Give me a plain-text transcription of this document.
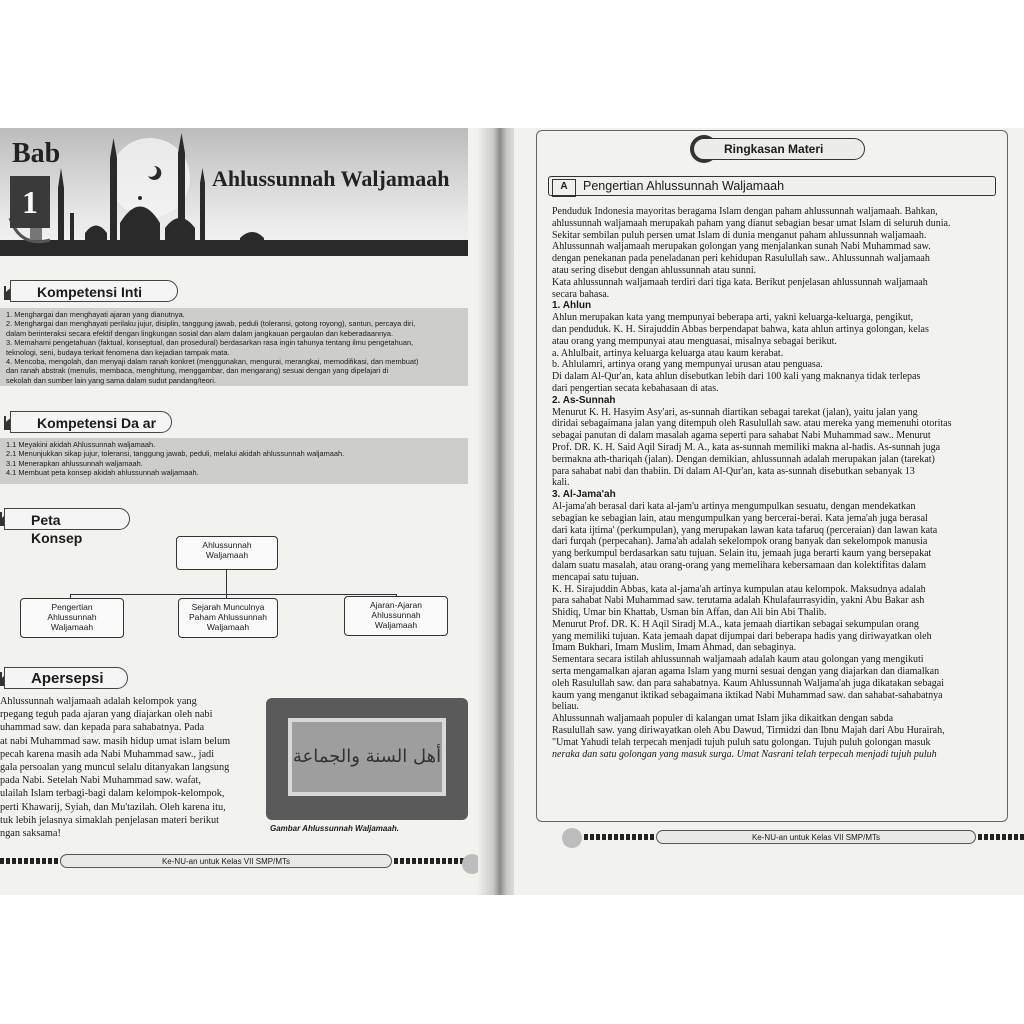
Bab
1
Ahlussunnah Waljamaah
Kompetensi Inti
1. Menghargai dan menghayati ajaran yang dianutnya.
2. Menghargai dan menghayati perilaku jujur, disiplin, tanggung jawab, peduli (toleransi, gotong royong), santun, percaya diri,
dalam berinteraksi secara efektif dengan lingkungan sosial dan alam dalam jangkauan pergaulan dan keberadaannya.
3. Memahami pengetahuan (faktual, konseptual, dan prosedural) berdasarkan rasa ingin tahunya tentang ilmu pengetahuan,
teknologi, seni, budaya terkait fenomena dan kejadian tampak mata.
4. Mencoba, mengolah, dan menyaji dalam ranah konkret (menggunakan, mengurai, merangkai, memodifikasi, dan membuat)
dan ranah abstrak (menulis, membaca, menghitung, menggambar, dan mengarang) sesuai dengan yang dipelajari di
sekolah dan sumber lain yang sama dalam sudut pandang/teori.
Kompetensi Da ar
1.1 Meyakini akidah Ahlussunnah waljamaah.
2.1 Menunjukkan sikap jujur, toleransi, tanggung jawab, peduli, melalui akidah ahlussunnah waljamaah.
3.1 Menerapkan ahlussunnah waljamaah.
4.1 Membuat peta konsep akidah ahlussunnah waljamaah.
Peta Konsep	Ahlussunnah
Waljamaah
Pengertian
Ahlussunnah
Waljamaah
Sejarah Munculnya
Paham Ahlussunnah
Waljamaah
Ajaran-Ajaran
Ahlussunnah
Waljamaah
Apersepsi
Ahlussunnah waljamaah adalah kelompok yang
rpegang teguh pada ajaran yang diajarkan oleh nabi
uhammad saw. dan kepada para sahabatnya. Pada
at nabi Muhammad saw. masih hidup umat islam belum
pecah karena masih ada Nabi Muhammad saw., jadi
gala persoalan yang muncul selalu ditanyakan langsung
pada Nabi. Setelah Nabi Muhammad saw. wafat,
ulailah Islam terbagi-bagi dalam kelompok-kelompok,
perti Khawarij, Syiah, dan Mu'tazilah. Oleh karena itu,
tuk lebih jelasnya simaklah penjelasan materi berikut
ngan saksama!
أهل السنة والجماعة
Gambar Ahlussunnah Waljamaah.
Ke-NU-an untuk Kelas VII SMP/MTs
Ringkasan Materi
Pengertian Ahlussunnah Waljamaah
A
Penduduk Indonesia mayoritas beragama Islam dengan paham ahlussunnah waljamaah. Bahkan,
ahlussunnah waljamaah merupakah paham yang dianut sebagian besar umat Islam di seluruh dunia.
Sekitar sembilan puluh persen umat Islam di dunia menganut paham ahlussunnah waljamaah.
Ahlussunnah waljamaah merupakan golongan yang menjalankan sunah Nabi Muhammad saw.
dengan penekanan pada peneladanan peri kehidupan Rasulullah saw.. Ahlussunnah waljamaah
atau sering disebut dengan ahlussunnah atau sunni.
Kata ahlussunnah waljamaah terdiri dari tiga kata. Berikut penjelasan ahlussunnah waljamaah
secara bahasa.
1. Ahlun
Ahlun merupakan kata yang mempunyai beberapa arti, yakni keluarga-keluarga, pengikut,
dan penduduk. K. H. Sirajuddin Abbas berpendapat bahwa, kata ahlun artinya golongan, kelas
atau orang yang mempunyai atau menguasai, misalnya sebagai berikut.
a. Ahlulbait, artinya keluarga keluarga atau kaum kerabat.
b. Ahlulamri, artinya orang yang mempunyai urusan atau penguasa.
Di dalam Al-Qur'an, kata ahlun disebutkan lebih dari 100 kali yang maknanya tidak terlepas
dari pengertian secata kebahasaan di atas.
2. As-Sunnah
Menurut K. H. Hasyim Asy'ari, as-sunnah diartikan sebagai tarekat (jalan), yaitu jalan yang
diridai sebagaimana jalan yang ditempuh oleh Rasulullah saw. atau mereka yang memenuhi otoritas
sebagai panutan di dalam masalah agama seperti para sahabat Nabi Muhammad saw.. Menurut
Prof. DR. K. H. Said Aqil Siradj M. A., kata as-sunnah memiliki makna al-hadis. As-sunnah juga
bermakna ath-thariqah (jalan). Dengan demikian, ahlussunnah adalah merupakan jalan (tarekat)
para sahabat nabi dan thabiin. Di dalam Al-Qur'an, kata as-sunnah disebutkan sebanyak 13
kali.
3. Al-Jama'ah
Al-jama'ah berasal dari kata al-jam'u artinya mengumpulkan sesuatu, dengan mendekatkan
sebagian ke sebagian lain, atau mengumpulkan yang bercerai-berai. Kata jema'ah juga berasal
dari kata ijtima' (perkumpulan), yang merupakan lawan kata tafaruq (perceraian) dan lawan kata
dari furqah (perpecahan). Jama'ah adalah sekelompok orang banyak dan sekelompok manusia
yang berkumpul berdasarkan satu tujuan. Selain itu, jemaah juga berarti kaum yang bersepakat
dalam suatu masalah, atau orang-orang yang memelihara kebersamaan dan kolektifitas dalam
mencapai satu tujuan.
K. H. Sirajuddin Abbas, kata al-jama'ah artinya kumpulan atau kelompok. Maksudnya adalah
para sahabat Nabi Muhammad saw. terutama adalah Khulafaurrasyidin, yakni Abu Bakar ash
Shidiq, Umar bin Khattab, Usman bin Affan, dan Ali bin Abi Thalib.
Menurut Prof. DR. K. H Aqil Siradj M.A., kata jemaah diartikan sebagai sekumpulan orang
yang memiliki tujuan. Kata jemaah dapat dijumpai dari beberapa hadis yang diriwayatkan oleh
Imam Bukhari, Imam Muslim, Imam Ahmad, dan sebaginya.
Sementara secara istilah ahlussunnah waljamaah adalah kaum atau golongan yang mengikuti
serta mengamalkan ajaran agama Islam yang murni sesuai dengan yang diajarkan dan diamalkan
oleh Rasulullah saw. dan para sahabatnya. Kaum Ahlussunnah Waljama'ah juga dikatakan sebagai
kaum yang menganut iktikad sebagaimana iktikad Nabi Muhammad saw. dan sahabat-sahabatnya
beliau.
Ahlussunnah waljamaah populer di kalangan umat Islam jika dikaitkan dengan sabda
Rasulullah saw. yang diriwayatkan oleh Abu Dawud, Tirmidzi dan Ibnu Majah dari Abu Hurairah,
"Umat Yahudi telah terpecah menjadi tujuh puluh satu golongan. Tujuh puluh golongan masuk
neraka dan satu golongan yang masuk surga. Umat Nasrani telah terpecah menjadi tujuh puluh
Ke-NU-an untuk Kelas VII SMP/MTs
